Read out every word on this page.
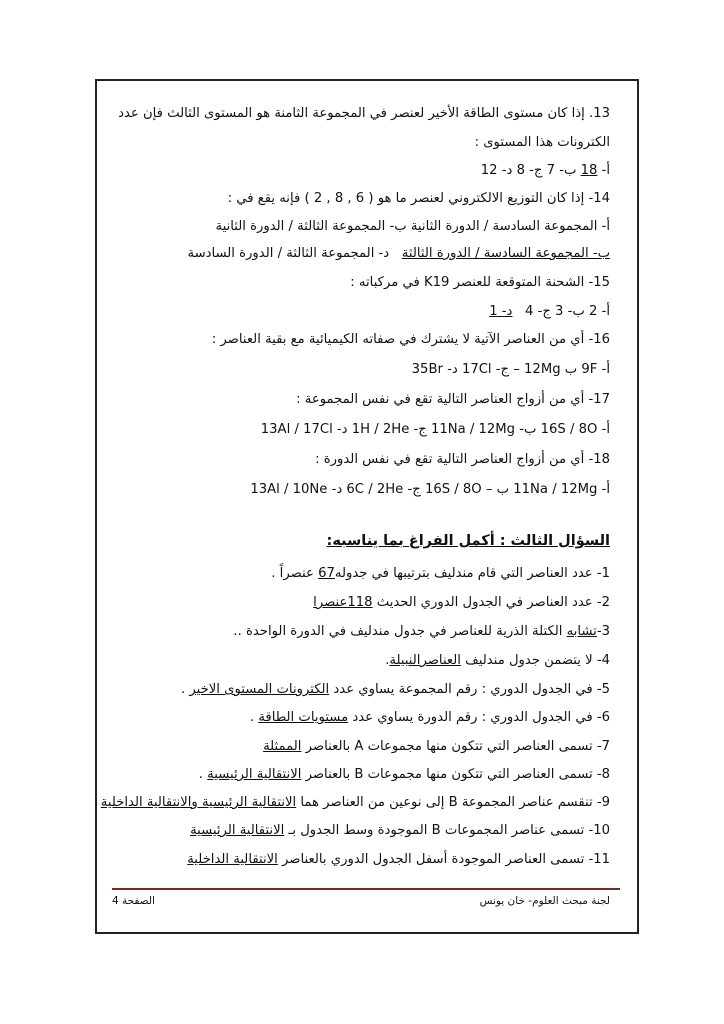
13. إذا كان مستوى الطاقة الأخير لعنصر في المجموعة الثامنة هو المستوى الثالث فإن عدد
الكترونات هذا المستوى :
أ- 18 ب- 7 ج- 8 د- 12
14- إذا كان التوزيع الالكتروني لعنصر ما هو ( 6 , 8 , 2 ) فإنه يقع في :
أ- المجموعة السادسة / الدورة الثانية ب- المجموعة الثالثة / الدورة الثانية
ب- المجموعة السادسة / الدورة الثالثة   د- المجموعة الثالثة / الدورة السادسة
15- الشحنة المتوقعة للعنصر K19 في مركباته :
أ- 2 ب- 3 ج- 4   د- 1
16- أي من العناصر الآتية لا يشترك في صفاته الكيميائية مع بقية العناصر :
أ- 9F ب 12Mg – ج- 17Cl د- 35Br
17- أي من أزواج العناصر التالية تقع في نفس المجموعة :
أ- 16S / 8O ب- 11Na / 12Mg ج- 1H / 2He د- 13Al / 17Cl
18- أي من أزواج العناصر التالية تقع في نفس الدورة :
أ- 11Na / 12Mg ب – 16S / 8O ج- 6C / 2He د- 13Al / 10Ne
السؤال الثالث : أكمل الفراغ بما يناسبه:
1- عدد العناصر التي قام مندليف بترتيبها في جدوله67 عنصراً .
2- عدد العناصر في الجدول الدوري الحديث 118عنصرا
3-تشابه الكتلة الذرية للعناصر في جدول مندليف في الدورة الواحدة ..
4- لا يتضمن جدول مندليف العناصرالنبيلة.
5- في الجدول الدوري : رقم المجموعة يساوي عدد الكترونات المستوى الاخير .
6- في الجدول الدوري : رقم الدورة يساوي عدد مستويات الطاقة .
7- تسمى العناصر التي تتكون منها مجموعات A بالعناصر الممثلة
8- تسمى العناصر التي تتكون منها مجموعات B بالعناصر الانتقالية الرئيسية .
9- تنقسم عناصر المجموعة B إلى نوعين من العناصر هما الانتقالية الرئيسية والانتقالية الداخلية
10- تسمى عناصر المجموعات B الموجودة وسط الجدول بـ الانتقالية الرئيسية
11- تسمى العناصر الموجودة أسفل الجدول الدوري بالعناصر الانتقالية الداخلية
الصفحة 4	لجنة مبحث العلوم- خان يونس
